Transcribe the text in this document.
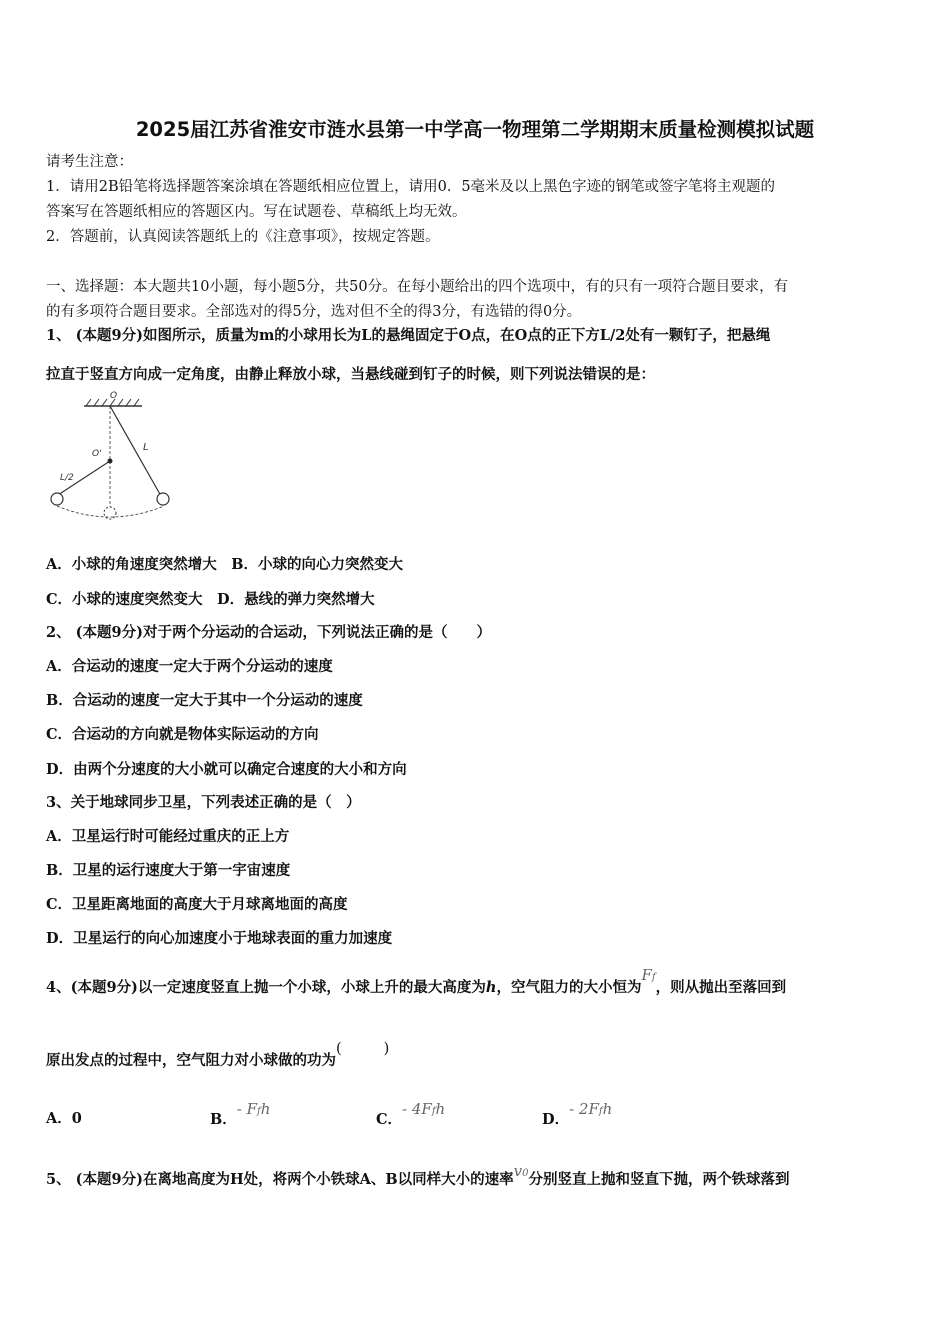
2025届江苏省淮安市涟水县第一中学高一物理第二学期期末质量检测模拟试题
请考生注意：
1．请用2B铅笔将选择题答案涂填在答题纸相应位置上，请用0．5毫米及以上黑色字迹的钢笔或签字笔将主观题的
答案写在答题纸相应的答题区内。写在试题卷、草稿纸上均无效。
2．答题前，认真阅读答题纸上的《注意事项》，按规定答题。
一、选择题：本大题共10小题，每小题5分，共50分。在每小题给出的四个选项中，有的只有一项符合题目要求，有
的有多项符合题目要求。全部选对的得5分，选对但不全的得3分，有选错的得0分。
1、 (本题9分)如图所示，质量为m的小球用长为L的悬绳固定于O点，在O点的正下方L/2处有一颗钉子，把悬绳
拉直于竖直方向成一定角度，由静止释放小球，当悬线碰到钉子的时候，则下列说法错误的是：
O
L
O'
L/2
A．小球的角速度突然增大　B．小球的向心力突然变大
C．小球的速度突然变大　D．悬线的弹力突然增大
2、 (本题9分)对于两个分运动的合运动，下列说法正确的是（　　）
A．合运动的速度一定大于两个分运动的速度
B．合运动的速度一定大于其中一个分运动的速度
C．合运动的方向就是物体实际运动的方向
D．由两个分速度的大小就可以确定合速度的大小和方向
3、关于地球同步卫星，下列表述正确的是（　）
A．卫星运行时可能经过重庆的正上方
B．卫星的运行速度大于第一宇宙速度
C．卫星距离地面的高度大于月球离地面的高度
D．卫星运行的向心加速度小于地球表面的重力加速度
4、(本题9分)以一定速度竖直上抛一个小球，小球上升的最大高度为h，空气阻力的大小恒为Ff，则从抛出至落回到
原出发点的过程中，空气阻力对小球做的功为(	)
A．0	B．- Ffh
C．- 4Ffh
D．- 2Ffh
5、 (本题9分)在离地高度为H处，将两个小铁球A、B以同样大小的速率v0分别竖直上抛和竖直下抛，两个铁球落到
